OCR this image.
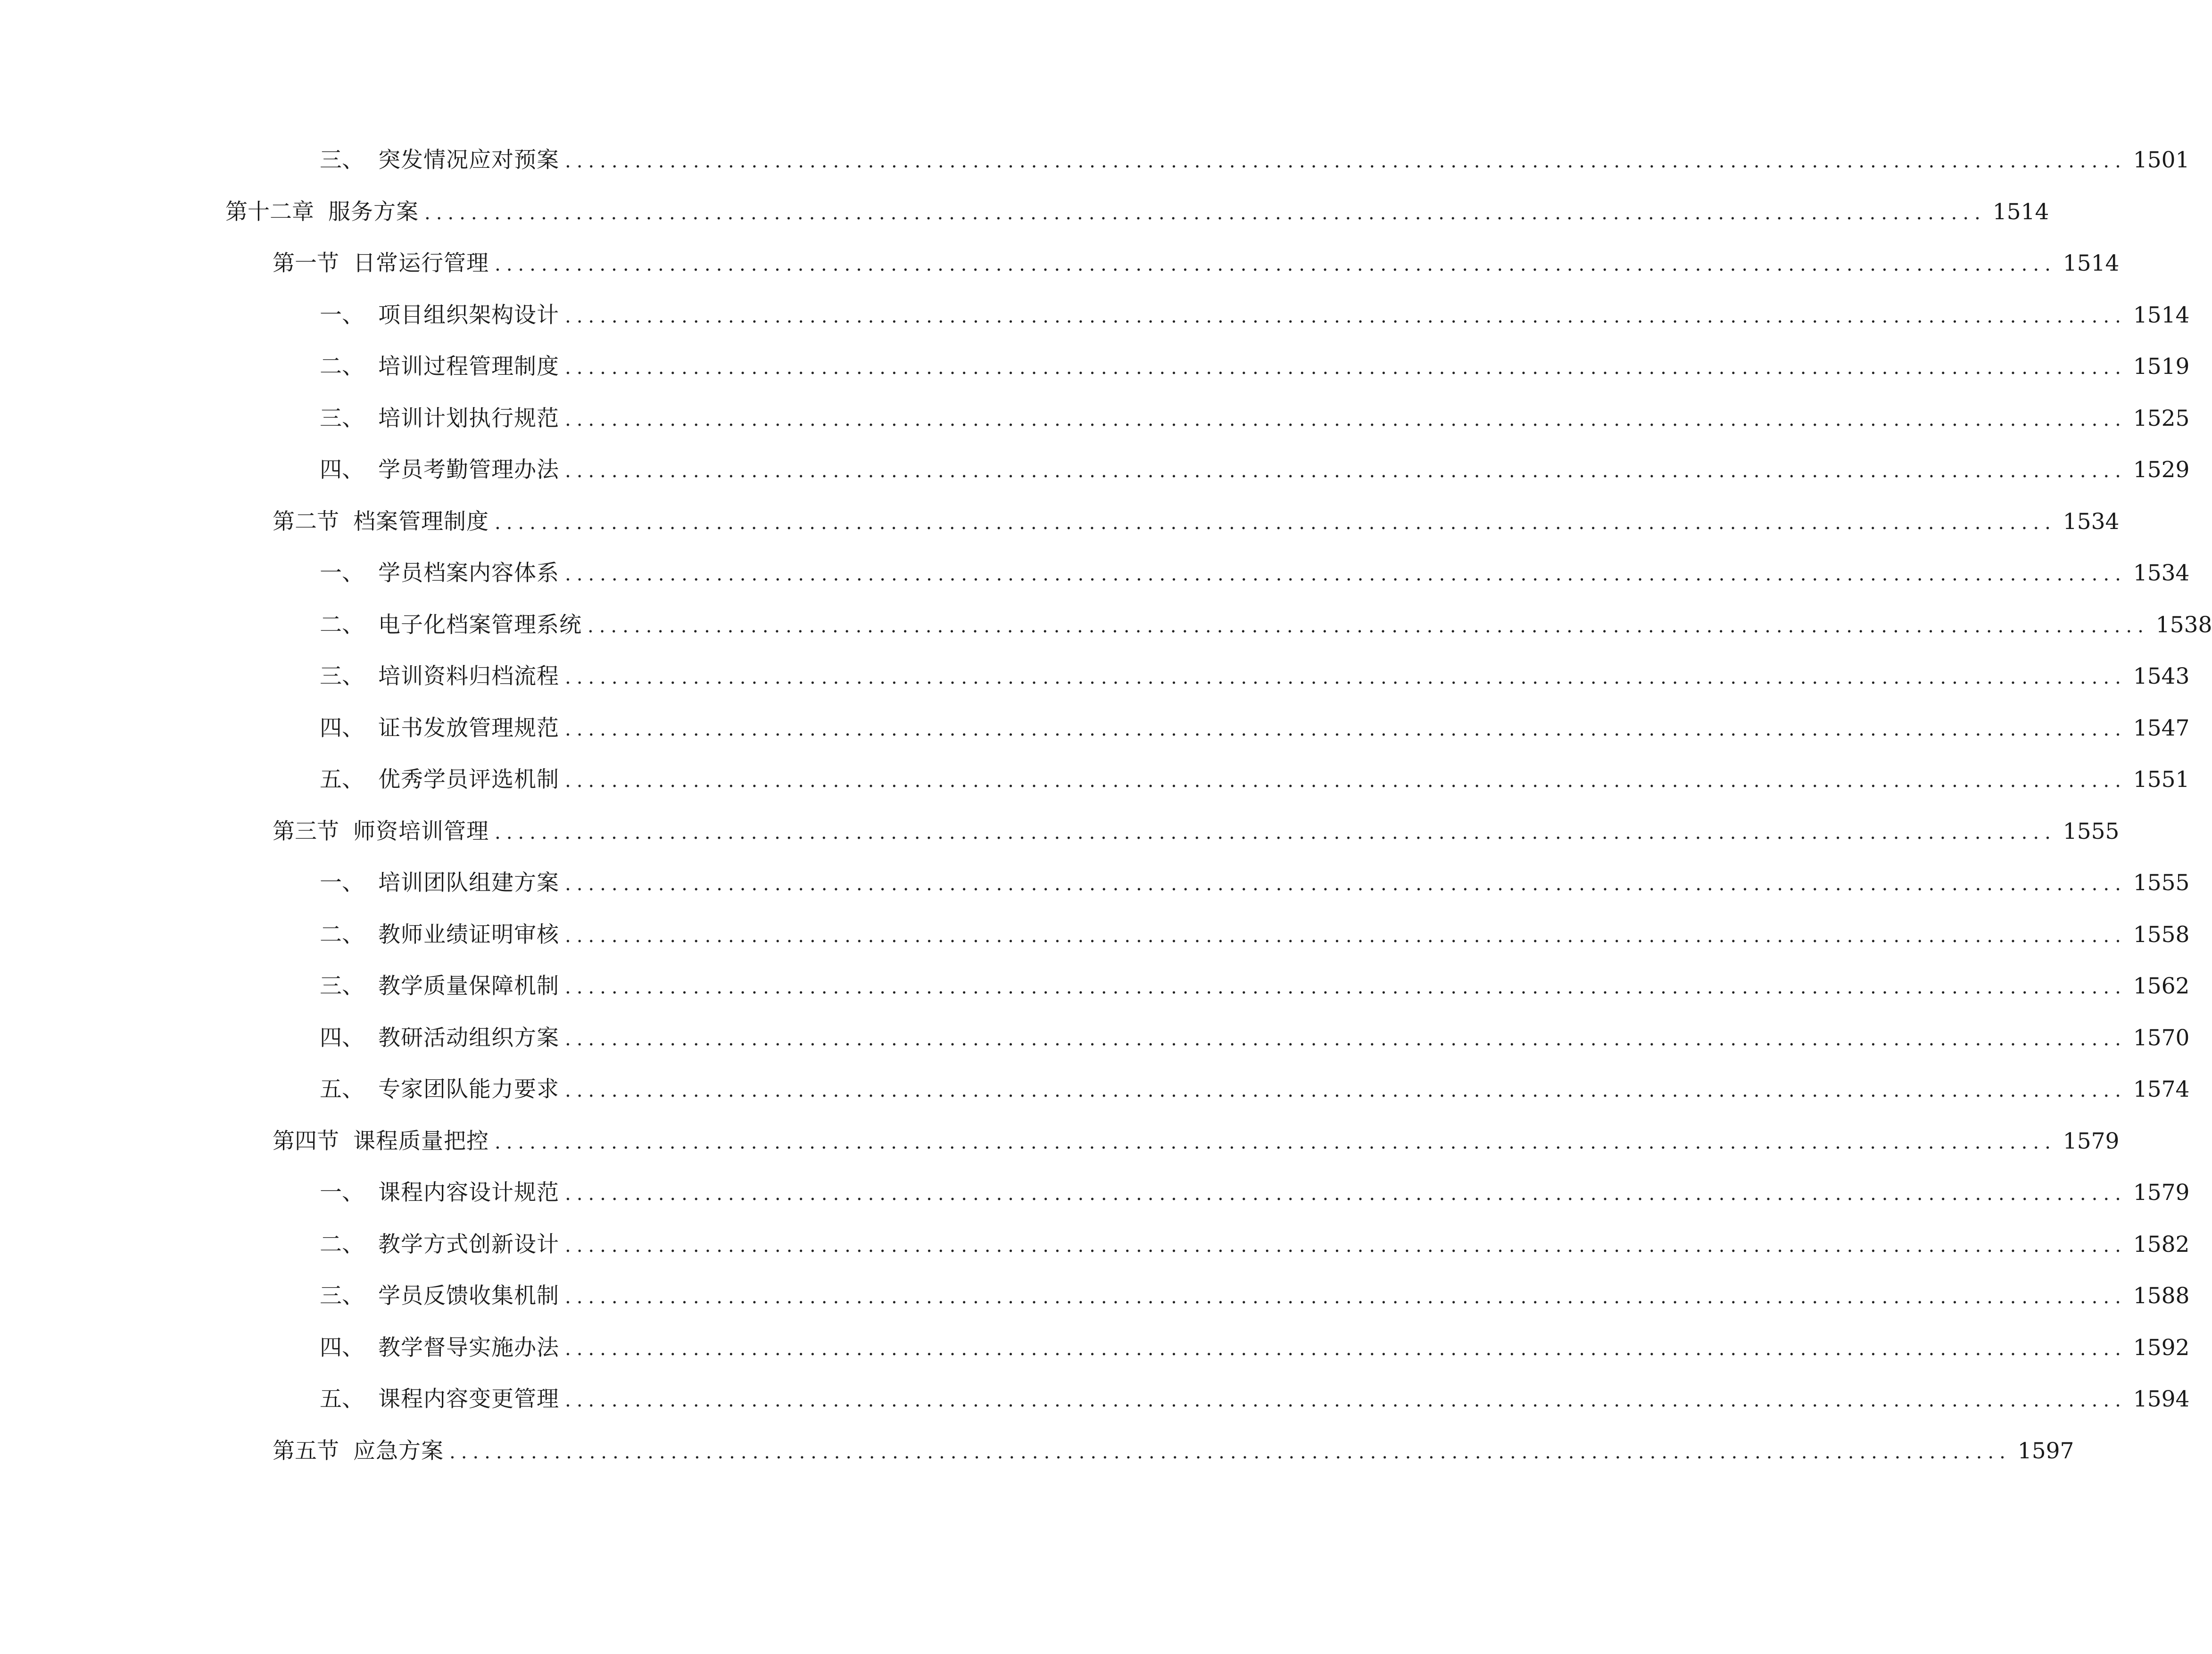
三、 突发情况应对预案 ...................................................................................................................................... 1501
第十二章 服务方案 ...................................................................................................................................... 1514
第一节 日常运行管理 ...................................................................................................................................... 1514
一、 项目组织架构设计 ...................................................................................................................................... 1514
二、 培训过程管理制度 ...................................................................................................................................... 1519
三、 培训计划执行规范 ...................................................................................................................................... 1525
四、 学员考勤管理办法 ...................................................................................................................................... 1529
第二节 档案管理制度 ...................................................................................................................................... 1534
一、 学员档案内容体系 ...................................................................................................................................... 1534
二、 电子化档案管理系统 ...................................................................................................................................... 1538
三、 培训资料归档流程 ...................................................................................................................................... 1543
四、 证书发放管理规范 ...................................................................................................................................... 1547
五、 优秀学员评选机制 ...................................................................................................................................... 1551
第三节 师资培训管理 ...................................................................................................................................... 1555
一、 培训团队组建方案 ...................................................................................................................................... 1555
二、 教师业绩证明审核 ...................................................................................................................................... 1558
三、 教学质量保障机制 ...................................................................................................................................... 1562
四、 教研活动组织方案 ...................................................................................................................................... 1570
五、 专家团队能力要求 ...................................................................................................................................... 1574
第四节 课程质量把控 ...................................................................................................................................... 1579
一、 课程内容设计规范 ...................................................................................................................................... 1579
二、 教学方式创新设计 ...................................................................................................................................... 1582
三、 学员反馈收集机制 ...................................................................................................................................... 1588
四、 教学督导实施办法 ...................................................................................................................................... 1592
五、 课程内容变更管理 ...................................................................................................................................... 1594
第五节 应急方案 ...................................................................................................................................... 1597
